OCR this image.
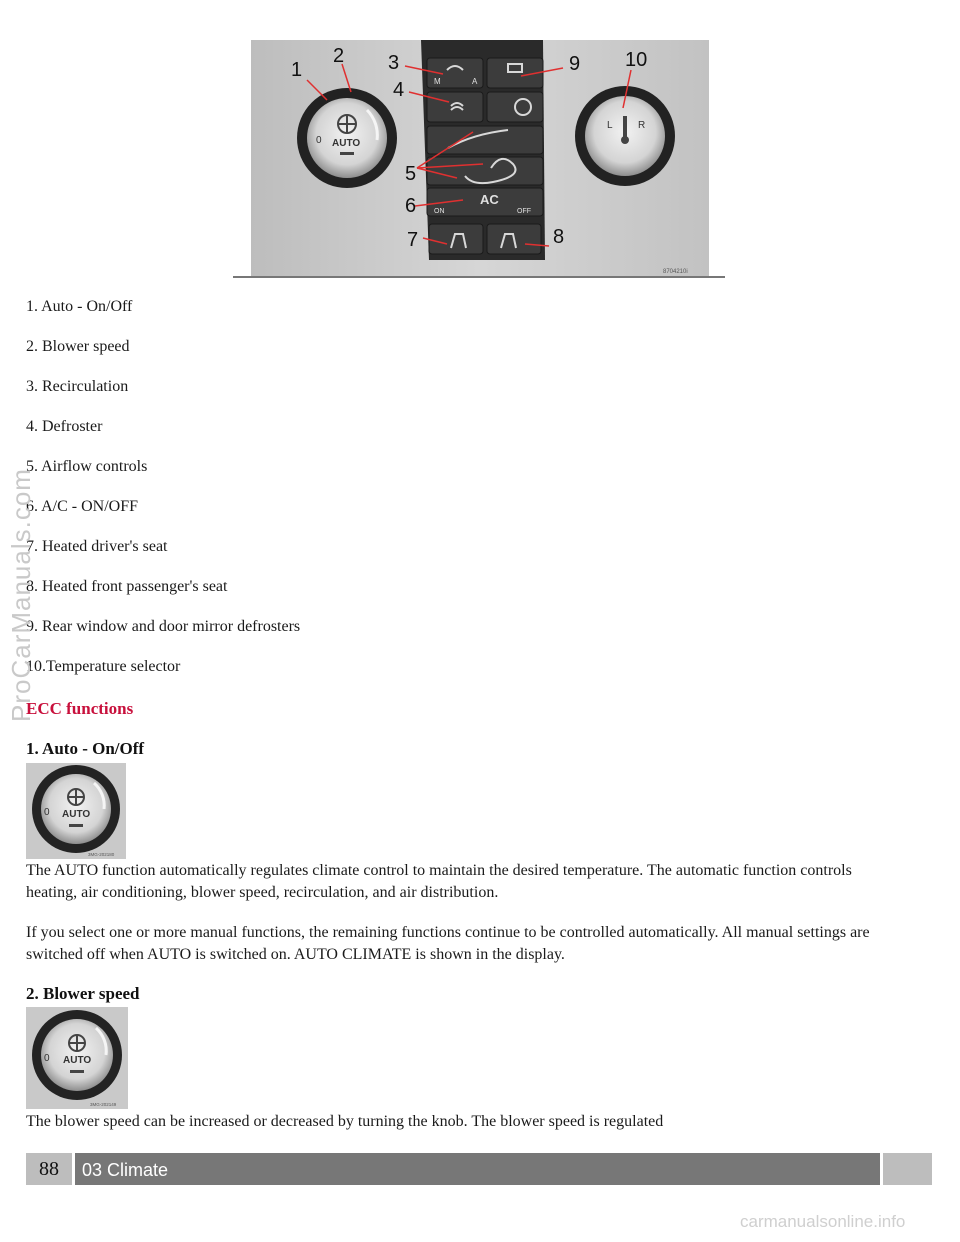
M	A
AC
ON	OFF
0 AUTO
L	R
1
2 3
4
5
6
7	8
9 10
8704210i
1. Auto - On/Off
2. Blower speed
3. Recirculation
4. Defroster
5. Airflow controls
6. A/C - ON/OFF
7. Heated driver's seat
8. Heated front passenger's seat
9. Rear window and door mirror defrosters
10.Temperature selector
ECC functions
1. Auto - On/Off
0 AUTO
3MG-202180

The AUTO function automatically regulates climate control to maintain the desired temperature. The automatic function controls heating, air conditioning, blower speed, recirculation, and air distribution.

If you select one or more manual functions, the remaining functions continue to be controlled automatically. All manual settings are switched off when AUTO is switched on. AUTO CLIMATE is shown in the display.

2. Blower speed
0 AUTO
3MG-202149

The blower speed can be increased or decreased by turning the knob. The blower speed is regulated

88	03 Climate
ProCarManuals.com
carmanualsonline.info
